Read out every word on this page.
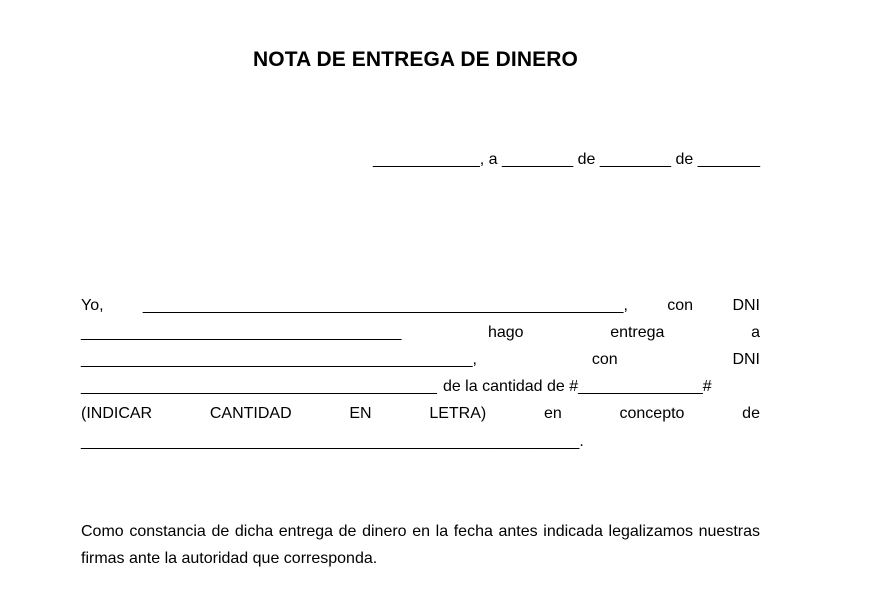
NOTA DE ENTREGA DE DINERO
____________, a ________ de ________ de _______
Yo, ______________________________________________________, con DNI
____________________________________	hago	entrega	a
____________________________________________,	con	DNI
________________________________________ de la cantidad de #______________#
(INDICAR	CANTIDAD	EN	LETRA)	en	concepto	de
________________________________________________________.
Como constancia de dicha entrega de dinero en la fecha antes indicada legalizamos nuestras firmas ante la autoridad que corresponda.
